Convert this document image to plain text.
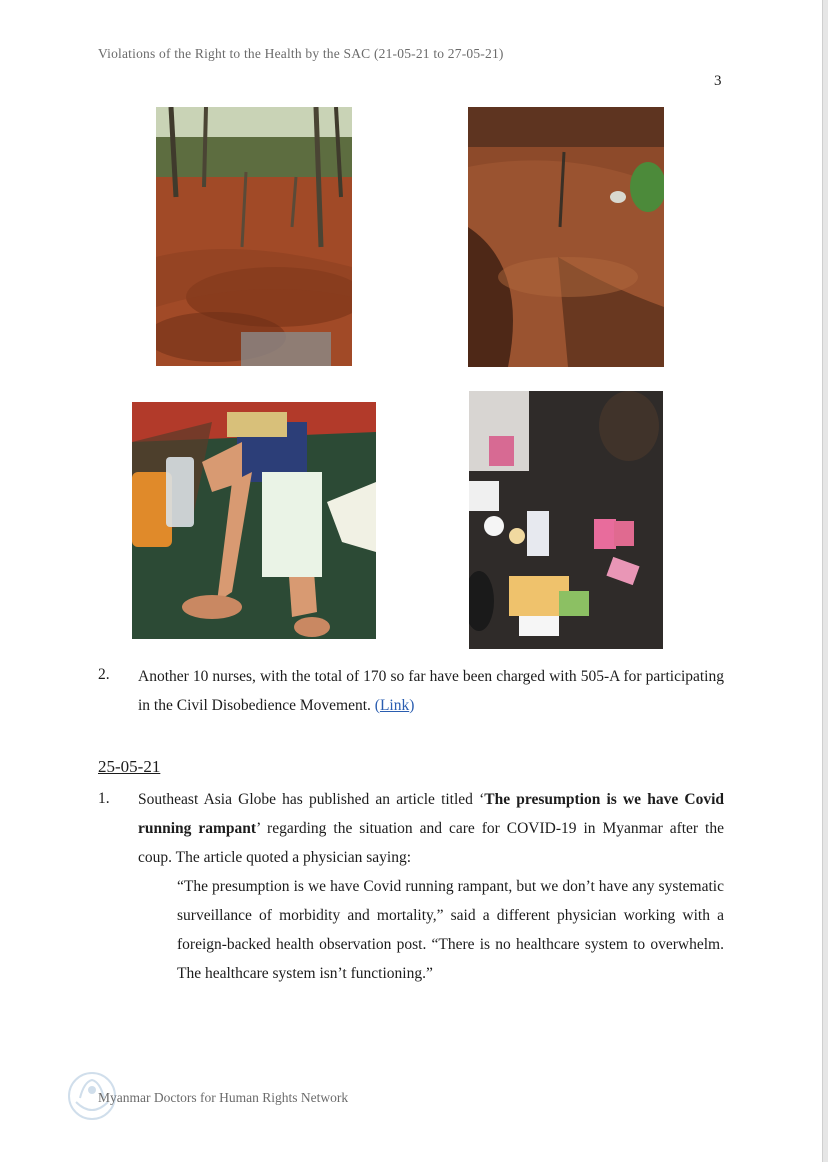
Violations of the Right to the Health by the SAC (21-05-21 to 27-05-21)
3
2. Another 10 nurses, with the total of 170 so far have been charged with 505-A for participating in the Civil Disobedience Movement. (Link)
25-05-21
1. Southeast Asia Globe has published an article titled ‘The presumption is we have Covid running rampant’ regarding the situation and care for COVID-19 in Myanmar after the coup. The article quoted a physician saying:
“The presumption is we have Covid running rampant, but we don’t have any systematic surveillance of morbidity and mortality,” said a different physician working with a foreign-backed health observation post. “There is no healthcare system to overwhelm. The healthcare system isn’t functioning.”
Myanmar Doctors for Human Rights Network
